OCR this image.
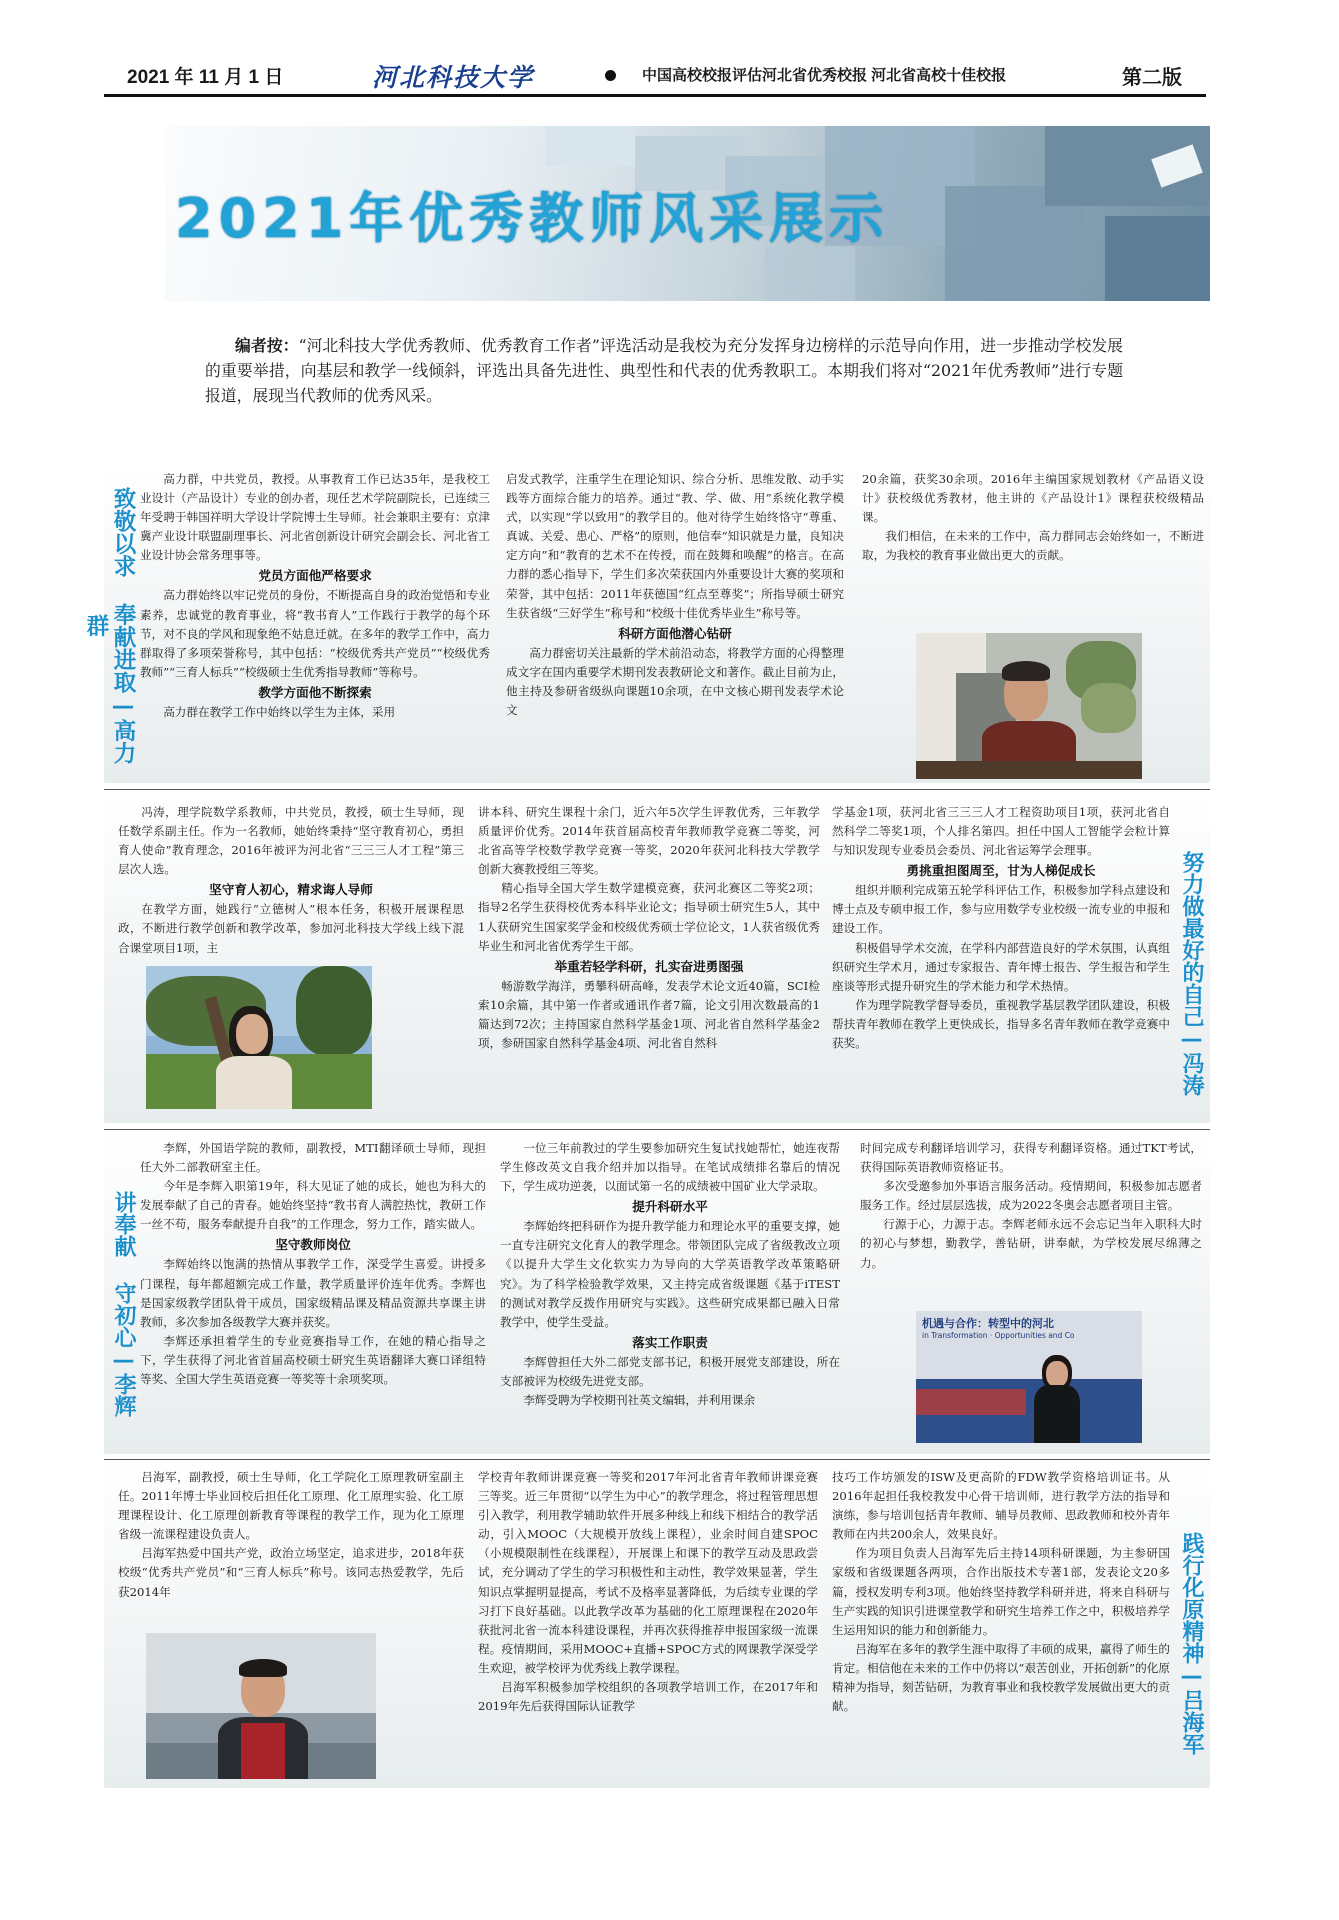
2021 年 11 月 1 日	河北科技大学	中国高校校报评估河北省优秀校报 河北省高校十佳校报	第二版
2021年优秀教师风采展示
编者按：“河北科技大学优秀教师、优秀教育工作者”评选活动是我校为充分发挥身边榜样的示范导向作用，进一步推动学校发展的重要举措，向基层和教学一线倾斜，评选出具备先进性、典型性和代表的优秀教职工。本期我们将对“2021年优秀教师”进行专题报道，展现当代教师的优秀风采。
致敬以求 奉献进取—高力群

高力群，中共党员，教授。从事教育工作已达35年，是我校工业设计（产品设计）专业的创办者，现任艺术学院副院长，已连续三年受聘于韩国祥明大学设计学院博士生导师。社会兼职主要有：京津冀产业设计联盟副理事长、河北省创新设计研究会副会长、河北省工业设计协会常务理事等。

党员方面他严格要求

高力群始终以牢记党员的身份，不断提高自身的政治觉悟和专业素养，忠诚党的教育事业，将“教书育人”工作践行于教学的每个环节，对不良的学风和现象绝不姑息迁就。在多年的教学工作中，高力群取得了多项荣誉称号，其中包括：“校级优秀共产党员”“校级优秀教师”“三育人标兵”“校级硕士生优秀指导教师”等称号。

教学方面他不断探索

高力群在教学工作中始终以学生为主体，采用

启发式教学，注重学生在理论知识、综合分析、思维发散、动手实践等方面综合能力的培养。通过“教、学、做、用”系统化教学模式，以实现“学以致用”的教学目的。他对待学生始终恪守“尊重、真诚、关爱、患心、严格”的原则，他信奉“知识就是力量，良知决定方向”和“教育的艺术不在传授，而在鼓舞和唤醒”的格言。在高力群的悉心指导下，学生们多次荣获国内外重要设计大赛的奖项和荣誉，其中包括：2011年获德国“红点至尊奖”；所指导硕士研究生获省级“三好学生”称号和“校级十佳优秀毕业生”称号等。

科研方面他潜心钻研

高力群密切关注最新的学术前沿动态，将教学方面的心得整理成文字在国内重要学术期刊发表教研论文和著作。截止目前为止，他主持及参研省级纵向课题10余项，在中文核心期刊发表学术论文

20余篇，获奖30余项。2016年主编国家规划教材《产品语义设计》获校级优秀教材，他主讲的《产品设计1》课程获校级精品课。

我们相信，在未来的工作中，高力群同志会始终如一，不断进取，为我校的教育事业做出更大的贡献。

冯涛，理学院数学系教师，中共党员，教授，硕士生导师，现任数学系副主任。作为一名教师，她始终秉持“坚守教育初心，勇担育人使命”教育理念，2016年被评为河北省“三三三人才工程”第三层次人选。

坚守育人初心，精求诲人导师

在教学方面，她践行“立德树人”根本任务，积极开展课程思政，不断进行教学创新和教学改革，参加河北科技大学线上线下混合课堂项目1项，主

讲本科、研究生课程十余门，近六年5次学生评教优秀，三年教学质量评价优秀。2014年获首届高校青年教师教学竞赛二等奖，河北省高等学校数学教学竞赛一等奖，2020年获河北科技大学教学创新大赛教授组三等奖。

精心指导全国大学生数学建模竞赛，获河北赛区二等奖2项；指导2名学生获得校优秀本科毕业论文；指导硕士研究生5人，其中1人获研究生国家奖学金和校级优秀硕士学位论文，1人获省级优秀毕业生和河北省优秀学生干部。

举重若轻学科研，扎实奋进勇图强

畅游数学海洋，勇攀科研高峰，发表学术论文近40篇，SCI检索10余篇，其中第一作者或通讯作者7篇，论文引用次数最高的1篇达到72次；主持国家自然科学基金1项、河北省自然科学基金2项，参研国家自然科学基金4项、河北省自然科

学基金1项，获河北省三三三人才工程资助项目1项，获河北省自然科学二等奖1项，个人排名第四。担任中国人工智能学会粒计算与知识发现专业委员会委员、河北省运筹学会理事。

勇挑重担图周至，甘为人梯促成长

组织并顺利完成第五轮学科评估工作，积极参加学科点建设和博士点及专硕申报工作，参与应用数学专业校级一流专业的申报和建设工作。

积极倡导学术交流，在学科内部营造良好的学术氛围，认真组织研究生学术月，通过专家报告、青年博士报告、学生报告和学生座谈等形式提升研究生的学术能力和学术热情。

作为理学院教学督导委员，重视教学基层教学团队建设，积极帮扶青年教师在教学上更快成长，指导多名青年教师在教学竞赛中获奖。	努力做最好的自己—冯涛
讲奉献 守初心—李辉

李辉，外国语学院的教师，副教授，MTI翻译硕士导师，现担任大外二部教研室主任。

今年是李辉入职第19年，科大见证了她的成长，她也为科大的发展奉献了自己的青春。她始终坚持“教书育人满腔热忱，教研工作一丝不苟，服务奉献提升自我”的工作理念，努力工作，踏实做人。

坚守教师岗位

李辉始终以饱满的热情从事教学工作，深受学生喜爱。讲授多门课程，每年都超额完成工作量，教学质量评价连年优秀。李辉也是国家级教学团队骨干成员，国家级精品课及精品资源共享课主讲教师，多次参加各级教学大赛并获奖。

李辉还承担着学生的专业竞赛指导工作，在她的精心指导之下，学生获得了河北省首届高校硕士研究生英语翻译大赛口译组特等奖、全国大学生英语竞赛一等奖等十余项奖项。

一位三年前教过的学生要参加研究生复试找她帮忙，她连夜帮学生修改英文自我介绍并加以指导。在笔试成绩排名靠后的情况下，学生成功逆袭，以面试第一名的成绩被中国矿业大学录取。

提升科研水平

李辉始终把科研作为提升教学能力和理论水平的重要支撑，她一直专注研究文化育人的教学理念。带领团队完成了省级教改立项《以提升大学生文化软实力为导向的大学英语教学改革策略研究》。为了科学检验教学效果，又主持完成省级课题《基于iTEST的测试对教学反拨作用研究与实践》。这些研究成果都已融入日常教学中，使学生受益。

落实工作职责

李辉曾担任大外二部党支部书记，积极开展党支部建设，所在支部被评为校级先进党支部。

李辉受聘为学校期刊社英文编辑，并利用课余

时间完成专利翻译培训学习，获得专利翻译资格。通过TKT考试，获得国际英语教师资格证书。

多次受邀参加外事语言服务活动。疫情期间，积极参加志愿者服务工作。经过层层选拔，成为2022冬奥会志愿者项目主管。

行源于心，力源于志。李辉老师永远不会忘记当年入职科大时的初心与梦想，勤教学，善钻研，讲奉献，为学校发展尽绵薄之力。

机遇与合作：转型中的河北
in Transformation · Opportunities and Co

吕海军，副教授，硕士生导师，化工学院化工原理教研室副主任。2011年博士毕业回校后担任化工原理、化工原理实验、化工原理课程设计、化工原理创新教育等课程的教学工作，现为化工原理省级一流课程建设负责人。

吕海军热爱中国共产党，政治立场坚定，追求进步，2018年获校级“优秀共产党员”和“三育人标兵”称号。该同志热爱教学，先后获2014年

学校青年教师讲课竞赛一等奖和2017年河北省青年教师讲课竞赛三等奖。近三年贯彻“以学生为中心”的教学理念，将过程管理思想引入教学，利用教学辅助软件开展多种线上和线下相结合的教学活动，引入MOOC（大规模开放线上课程），业余时间自建SPOC（小规模限制性在线课程），开展课上和课下的教学互动及思政尝试，充分调动了学生的学习积极性和主动性，教学效果显著，学生知识点掌握明显提高，考试不及格率显著降低，为后续专业课的学习打下良好基础。以此教学改革为基础的化工原理课程在2020年获批河北省一流本科建设课程，并再次获得推荐申报国家级一流课程。疫情期间，采用MOOC+直播+SPOC方式的网课教学深受学生欢迎，被学校评为优秀线上教学课程。

吕海军积极参加学校组织的各项教学培训工作，在2017年和2019年先后获得国际认证教学

技巧工作坊颁发的ISW及更高阶的FDW教学资格培训证书。从2016年起担任我校教发中心骨干培训师，进行教学方法的指导和演练，参与培训包括青年教师、辅导员教师、思政教师和校外青年教师在内共200余人，效果良好。

作为项目负责人吕海军先后主持14项科研课题，为主参研国家级和省级课题各两项，合作出版技术专著1部，发表论文20多篇，授权发明专利3项。他始终坚持教学科研并进，将来自科研与生产实践的知识引进课堂教学和研究生培养工作之中，积极培养学生运用知识的能力和创新能力。

吕海军在多年的教学生涯中取得了丰硕的成果，赢得了师生的肯定。相信他在未来的工作中仍将以“艰苦创业，开拓创新”的化原精神为指导，刻苦钻研，为教育事业和我校教学发展做出更大的贡献。	践行化原精神—吕海军
